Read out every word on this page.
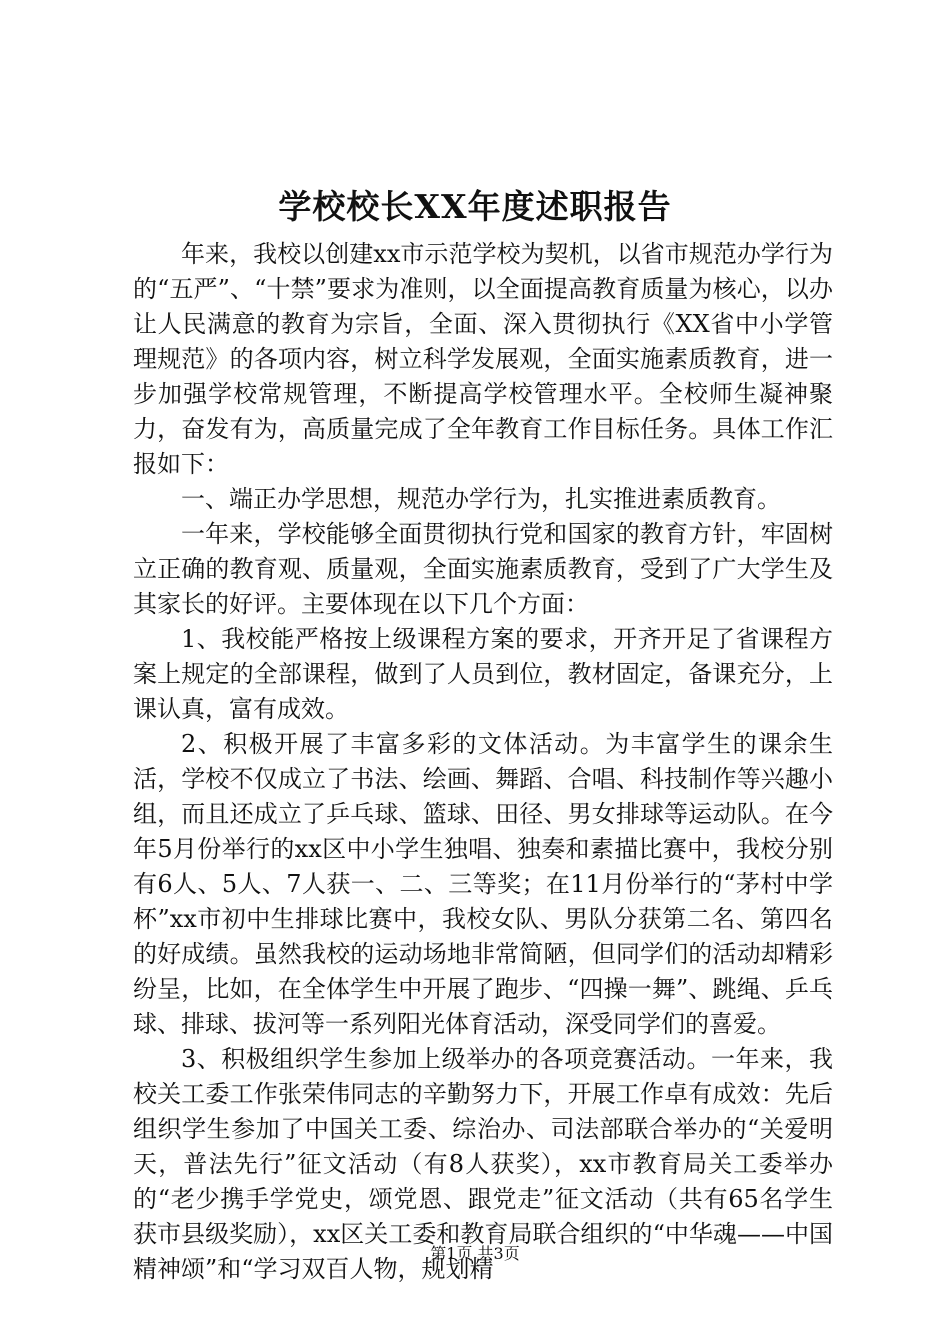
学校校长XX年度述职报告

年来，我校以创建xx市示范学校为契机，以省市规范办学行为的“五严”、“十禁”要求为准则，以全面提高教育质量为核心，以办让人民满意的教育为宗旨，全面、深入贯彻执行《XX省中小学管理规范》的各项内容，树立科学发展观，全面实施素质教育，进一步加强学校常规管理，不断提高学校管理水平。全校师生凝神聚力，奋发有为，高质量完成了全年教育工作目标任务。具体工作汇报如下：

一、端正办学思想，规范办学行为，扎实推进素质教育。

一年来，学校能够全面贯彻执行党和国家的教育方针，牢固树立正确的教育观、质量观，全面实施素质教育，受到了广大学生及其家长的好评。主要体现在以下几个方面：

1、我校能严格按上级课程方案的要求，开齐开足了省课程方案上规定的全部课程，做到了人员到位，教材固定，备课充分，上课认真，富有成效。

2、积极开展了丰富多彩的文体活动。为丰富学生的课余生活，学校不仅成立了书法、绘画、舞蹈、合唱、科技制作等兴趣小组，而且还成立了乒乓球、篮球、田径、男女排球等运动队。在今年5月份举行的xx区中小学生独唱、独奏和素描比赛中，我校分别有6人、5人、7人获一、二、三等奖；在11月份举行的“茅村中学杯”xx市初中生排球比赛中，我校女队、男队分获第二名、第四名的好成绩。虽然我校的运动场地非常简陋，但同学们的活动却精彩纷呈，比如，在全体学生中开展了跑步、“四操一舞”、跳绳、乒乓球、排球、拔河等一系列阳光体育活动，深受同学们的喜爱。

3、积极组织学生参加上级举办的各项竞赛活动。一年来，我校关工委工作张荣伟同志的辛勤努力下，开展工作卓有成效：先后组织学生参加了中国关工委、综治办、司法部联合举办的“关爱明天，普法先行”征文活动（有8人获奖），xx市教育局关工委举办的“老少携手学党史，颂党恩、跟党走”征文活动（共有65名学生获市县级奖励），xx区关工委和教育局联合组织的“中华魂——中国精神颂”和“学习双百人物，规划精

第1页 共3页
